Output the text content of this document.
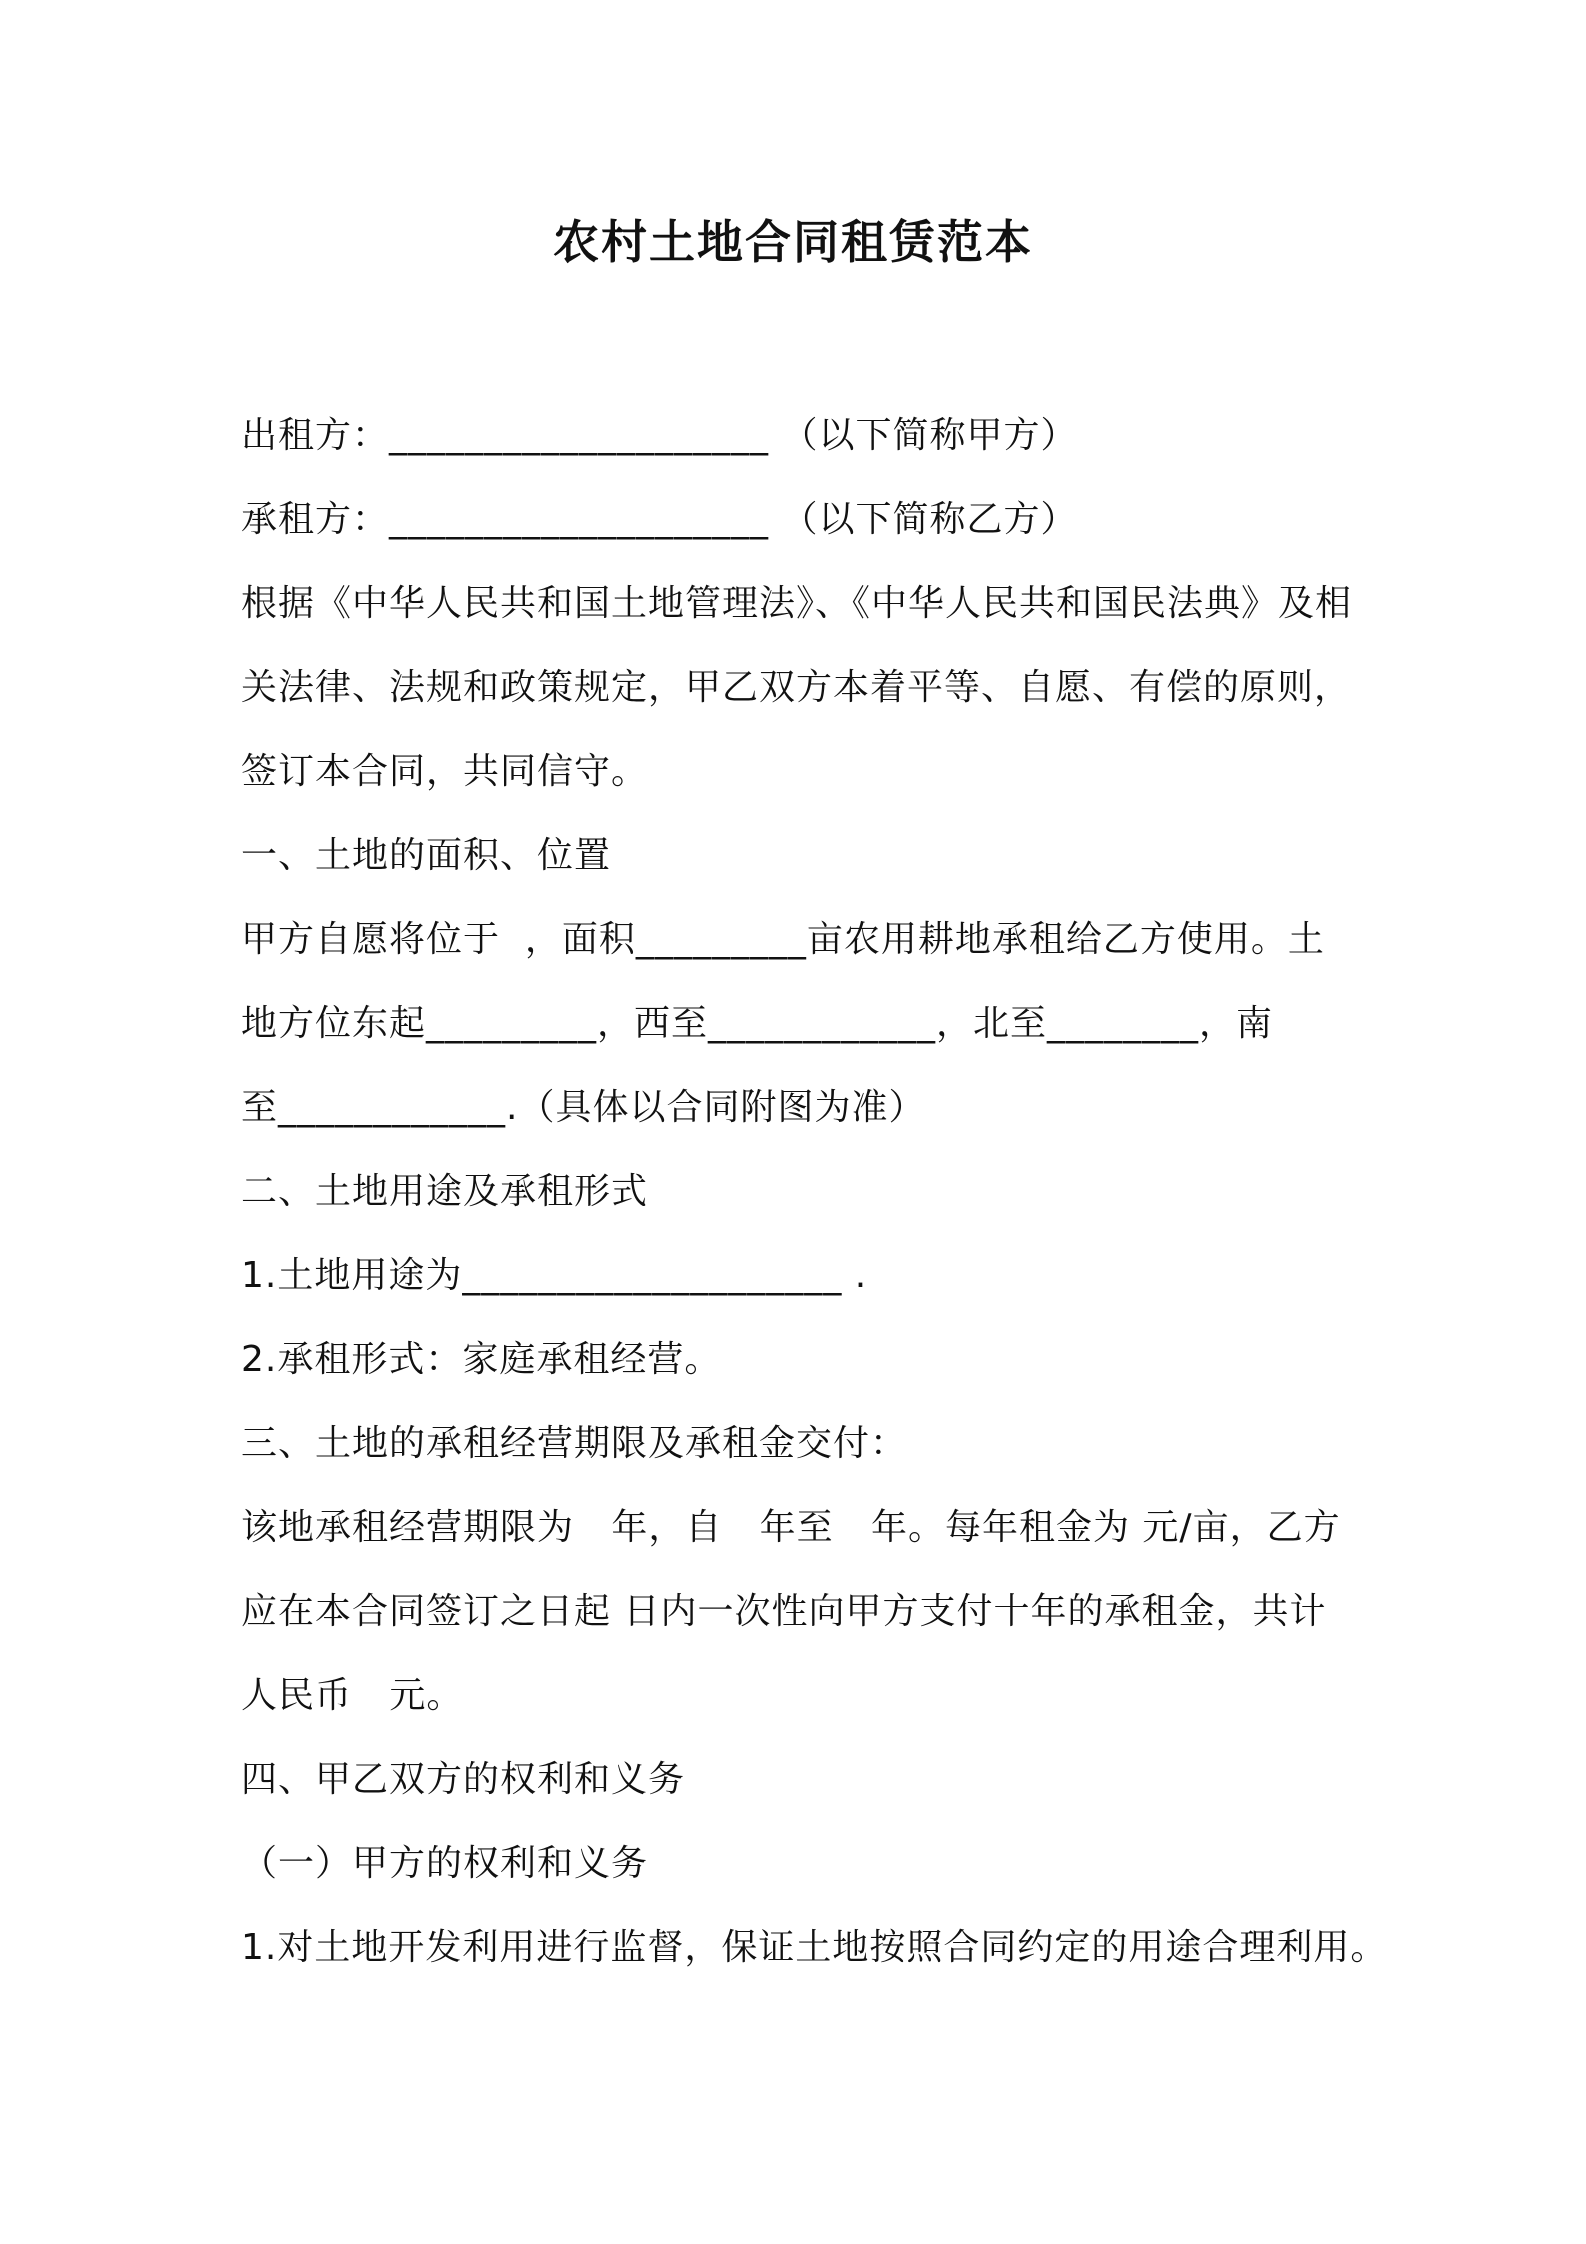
农村土地合同租赁范本
出租方：____________________ （以下简称甲方）
承租方：____________________ （以下简称乙方）
根据《中华人民共和国土地管理法》、《中华人民共和国民法典》及相
关法律、法规和政策规定，甲乙双方本着平等、自愿、有偿的原则，
签订本合同，共同信守。
一、土地的面积、位置
甲方自愿将位于  ，面积_________亩农用耕地承租给乙方使用。土
地方位东起_________，西至____________，北至________，南
至____________.（具体以合同附图为准）
二、土地用途及承租形式
1.土地用途为____________________ .
2.承租形式：家庭承租经营。
三、土地的承租经营期限及承租金交付：
该地承租经营期限为   年，自   年至   年。每年租金为 元/亩，乙方
应在本合同签订之日起 日内一次性向甲方支付十年的承租金，共计
人民币   元。
四、甲乙双方的权利和义务
（一）甲方的权利和义务
1.对土地开发利用进行监督，保证土地按照合同约定的用途合理利用。
